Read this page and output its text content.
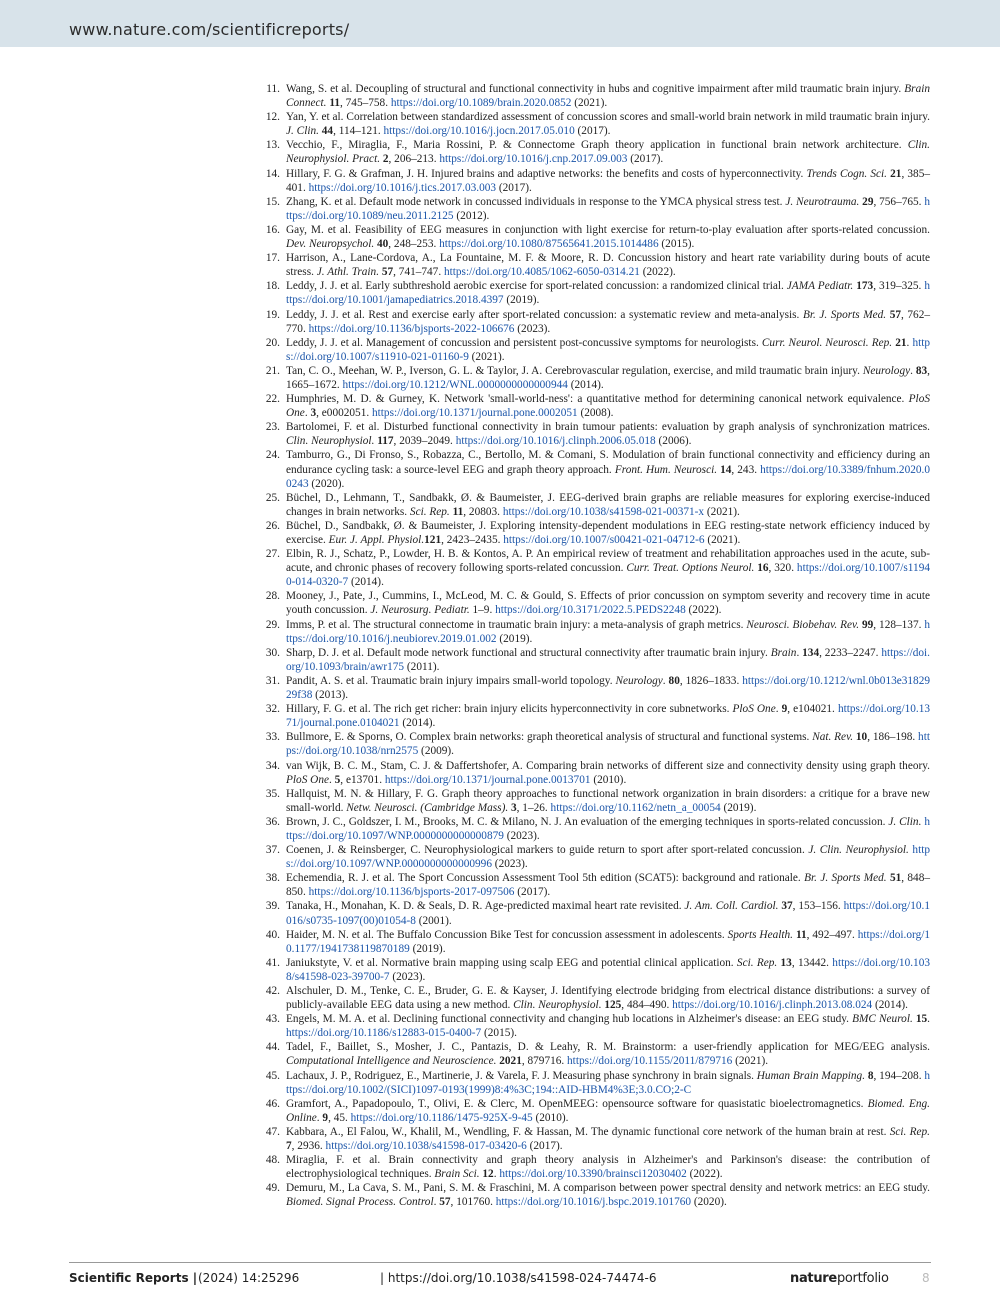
www.nature.com/scientificreports/
11. Wang, S. et al. Decoupling of structural and functional connectivity in hubs and cognitive impairment after mild traumatic brain injury. Brain Connect. 11, 745–758. https://doi.org/10.1089/brain.2020.0852 (2021).
12. Yan, Y. et al. Correlation between standardized assessment of concussion scores and small-world brain network in mild traumatic brain injury. J. Clin. 44, 114–121. https://doi.org/10.1016/j.jocn.2017.05.010 (2017).
13. Vecchio, F., Miraglia, F., Maria Rossini, P. & Connectome Graph theory application in functional brain network architecture. Clin. Neurophysiol. Pract. 2, 206–213. https://doi.org/10.1016/j.cnp.2017.09.003 (2017).
14. Hillary, F. G. & Grafman, J. H. Injured brains and adaptive networks: the benefits and costs of hyperconnectivity. Trends Cogn. Sci. 21, 385–401. https://doi.org/10.1016/j.tics.2017.03.003 (2017).
15. Zhang, K. et al. Default mode network in concussed individuals in response to the YMCA physical stress test. J. Neurotrauma. 29, 756–765. https://doi.org/10.1089/neu.2011.2125 (2012).
16. Gay, M. et al. Feasibility of EEG measures in conjunction with light exercise for return-to-play evaluation after sports-related concussion. Dev. Neuropsychol. 40, 248–253. https://doi.org/10.1080/87565641.2015.1014486 (2015).
17. Harrison, A., Lane-Cordova, A., La Fountaine, M. F. & Moore, R. D. Concussion history and heart rate variability during bouts of acute stress. J. Athl. Train. 57, 741–747. https://doi.org/10.4085/1062-6050-0314.21 (2022).
18. Leddy, J. J. et al. Early subthreshold aerobic exercise for sport-related concussion: a randomized clinical trial. JAMA Pediatr. 173, 319–325. https://doi.org/10.1001/jamapediatrics.2018.4397 (2019).
19. Leddy, J. J. et al. Rest and exercise early after sport-related concussion: a systematic review and meta-analysis. Br. J. Sports Med. 57, 762–770. https://doi.org/10.1136/bjsports-2022-106676 (2023).
20. Leddy, J. J. et al. Management of concussion and persistent post-concussive symptoms for neurologists. Curr. Neurol. Neurosci. Rep. 21. https://doi.org/10.1007/s11910-021-01160-9 (2021).
21. Tan, C. O., Meehan, W. P., Iverson, G. L. & Taylor, J. A. Cerebrovascular regulation, exercise, and mild traumatic brain injury. Neurology. 83, 1665–1672. https://doi.org/10.1212/WNL.0000000000000944 (2014).
22. Humphries, M. D. & Gurney, K. Network 'small-world-ness': a quantitative method for determining canonical network equivalence. PloS One. 3, e0002051. https://doi.org/10.1371/journal.pone.0002051 (2008).
23. Bartolomei, F. et al. Disturbed functional connectivity in brain tumour patients: evaluation by graph analysis of synchronization matrices. Clin. Neurophysiol. 117, 2039–2049. https://doi.org/10.1016/j.clinph.2006.05.018 (2006).
24. Tamburro, G., Di Fronso, S., Robazza, C., Bertollo, M. & Comani, S. Modulation of brain functional connectivity and efficiency during an endurance cycling task: a source-level EEG and graph theory approach. Front. Hum. Neurosci. 14, 243. https://doi.org/10.3389/fnhum.2020.00243 (2020).
25. Büchel, D., Lehmann, T., Sandbakk, Ø. & Baumeister, J. EEG-derived brain graphs are reliable measures for exploring exercise-induced changes in brain networks. Sci. Rep. 11, 20803. https://doi.org/10.1038/s41598-021-00371-x (2021).
26. Büchel, D., Sandbakk, Ø. & Baumeister, J. Exploring intensity-dependent modulations in EEG resting-state network efficiency induced by exercise. Eur. J. Appl. Physiol.121, 2423–2435. https://doi.org/10.1007/s00421-021-04712-6 (2021).
27. Elbin, R. J., Schatz, P., Lowder, H. B. & Kontos, A. P. An empirical review of treatment and rehabilitation approaches used in the acute, sub-acute, and chronic phases of recovery following sports-related concussion. Curr. Treat. Options Neurol. 16, 320. https://doi.org/10.1007/s11940-014-0320-7 (2014).
28. Mooney, J., Pate, J., Cummins, I., McLeod, M. C. & Gould, S. Effects of prior concussion on symptom severity and recovery time in acute youth concussion. J. Neurosurg. Pediatr. 1–9. https://doi.org/10.3171/2022.5.PEDS2248 (2022).
29. Imms, P. et al. The structural connectome in traumatic brain injury: a meta-analysis of graph metrics. Neurosci. Biobehav. Rev. 99, 128–137. https://doi.org/10.1016/j.neubiorev.2019.01.002 (2019).
30. Sharp, D. J. et al. Default mode network functional and structural connectivity after traumatic brain injury. Brain. 134, 2233–2247. https://doi.org/10.1093/brain/awr175 (2011).
31. Pandit, A. S. et al. Traumatic brain injury impairs small-world topology. Neurology. 80, 1826–1833. https://doi.org/10.1212/wnl.0b013e3182929f38 (2013).
32. Hillary, F. G. et al. The rich get richer: brain injury elicits hyperconnectivity in core subnetworks. PloS One. 9, e104021. https://doi.org/10.1371/journal.pone.0104021 (2014).
33. Bullmore, E. & Sporns, O. Complex brain networks: graph theoretical analysis of structural and functional systems. Nat. Rev. 10, 186–198. https://doi.org/10.1038/nrn2575 (2009).
34. van Wijk, B. C. M., Stam, C. J. & Daffertshofer, A. Comparing brain networks of different size and connectivity density using graph theory. PloS One. 5, e13701. https://doi.org/10.1371/journal.pone.0013701 (2010).
35. Hallquist, M. N. & Hillary, F. G. Graph theory approaches to functional network organization in brain disorders: a critique for a brave new small-world. Netw. Neurosci. (Cambridge Mass). 3, 1–26. https://doi.org/10.1162/netn_a_00054 (2019).
36. Brown, J. C., Goldszer, I. M., Brooks, M. C. & Milano, N. J. An evaluation of the emerging techniques in sports-related concussion. J. Clin. https://doi.org/10.1097/WNP.0000000000000879 (2023).
37. Coenen, J. & Reinsberger, C. Neurophysiological markers to guide return to sport after sport-related concussion. J. Clin. Neurophysiol. https://doi.org/10.1097/WNP.0000000000000996 (2023).
38. Echemendia, R. J. et al. The Sport Concussion Assessment Tool 5th edition (SCAT5): background and rationale. Br. J. Sports Med. 51, 848–850. https://doi.org/10.1136/bjsports-2017-097506 (2017).
39. Tanaka, H., Monahan, K. D. & Seals, D. R. Age-predicted maximal heart rate revisited. J. Am. Coll. Cardiol. 37, 153–156. https://doi.org/10.1016/s0735-1097(00)01054-8 (2001).
40. Haider, M. N. et al. The Buffalo Concussion Bike Test for concussion assessment in adolescents. Sports Health. 11, 492–497. https://doi.org/10.1177/1941738119870189 (2019).
41. Janiukstyte, V. et al. Normative brain mapping using scalp EEG and potential clinical application. Sci. Rep. 13, 13442. https://doi.org/10.1038/s41598-023-39700-7 (2023).
42. Alschuler, D. M., Tenke, C. E., Bruder, G. E. & Kayser, J. Identifying electrode bridging from electrical distance distributions: a survey of publicly-available EEG data using a new method. Clin. Neurophysiol. 125, 484–490. https://doi.org/10.1016/j.clinph.2013.08.024 (2014).
43. Engels, M. M. A. et al. Declining functional connectivity and changing hub locations in Alzheimer's disease: an EEG study. BMC Neurol. 15. https://doi.org/10.1186/s12883-015-0400-7 (2015).
44. Tadel, F., Baillet, S., Mosher, J. C., Pantazis, D. & Leahy, R. M. Brainstorm: a user-friendly application for MEG/EEG analysis. Computational Intelligence and Neuroscience. 2021, 879716. https://doi.org/10.1155/2011/879716 (2021).
45. Lachaux, J. P., Rodriguez, E., Martinerie, J. & Varela, F. J. Measuring phase synchrony in brain signals. Human Brain Mapping. 8, 194–208. https://doi.org/10.1002/(SICI)1097-0193(1999)8:4%3C;194::AID-HBM4%3E;3.0.CO;2-C
46. Gramfort, A., Papadopoulo, T., Olivi, E. & Clerc, M. OpenMEEG: opensource software for quasistatic bioelectromagnetics. Biomed. Eng. Online. 9, 45. https://doi.org/10.1186/1475-925X-9-45 (2010).
47. Kabbara, A., El Falou, W., Khalil, M., Wendling, F. & Hassan, M. The dynamic functional core network of the human brain at rest. Sci. Rep. 7, 2936. https://doi.org/10.1038/s41598-017-03420-6 (2017).
48. Miraglia, F. et al. Brain connectivity and graph theory analysis in Alzheimer's and Parkinson's disease: the contribution of electrophysiological techniques. Brain Sci. 12. https://doi.org/10.3390/brainsci12030402 (2022).
49. Demuru, M., La Cava, S. M., Pani, S. M. & Fraschini, M. A comparison between power spectral density and network metrics: an EEG study. Biomed. Signal Process. Control. 57, 101760. https://doi.org/10.1016/j.bspc.2019.101760 (2020).
Scientific Reports | (2024) 14:25296	| https://doi.org/10.1038/s41598-024-74474-6	natureportfolio	8
